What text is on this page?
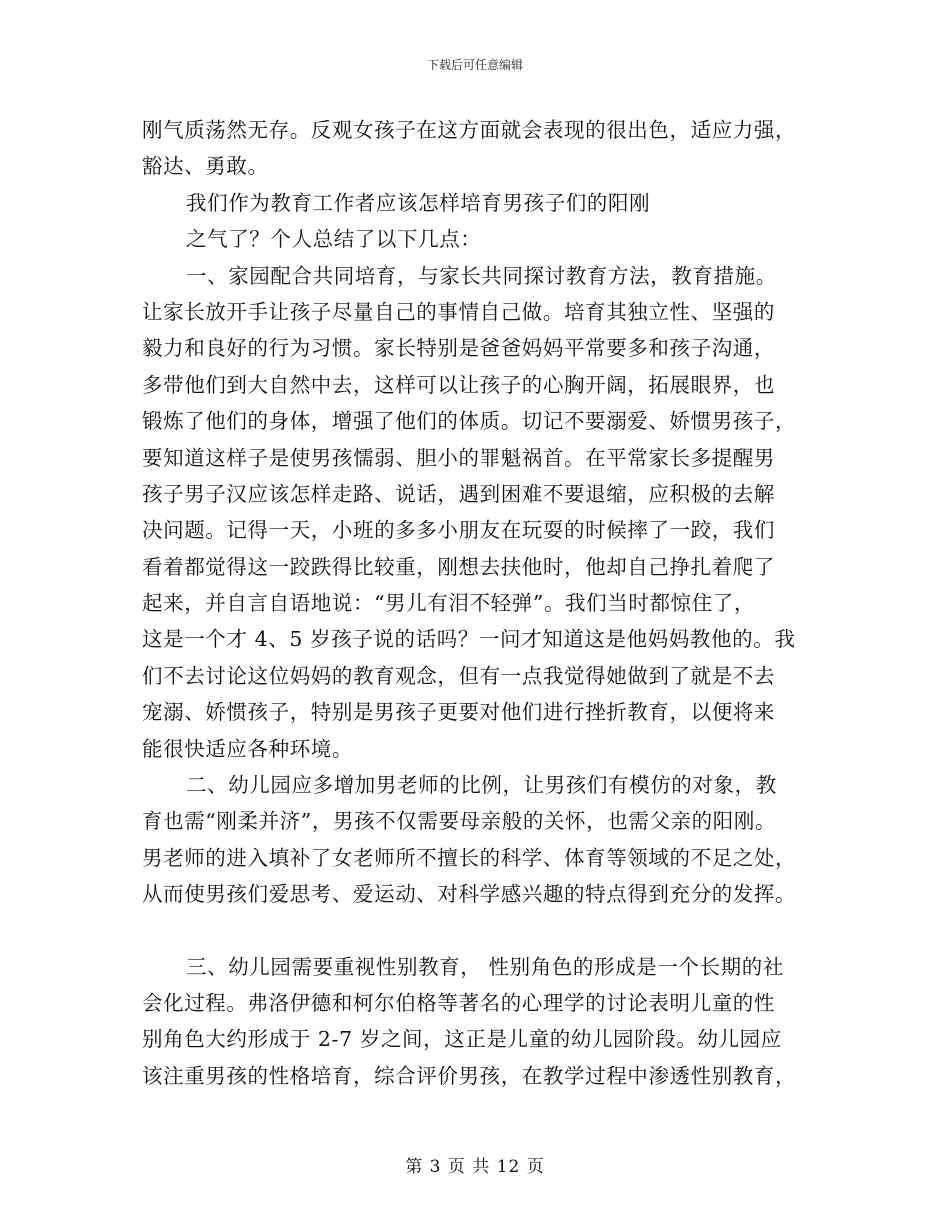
下载后可任意编辑
刚气质荡然无存。反观女孩子在这方面就会表现的很出色，适应力强，
豁达、勇敢。
我们作为教育工作者应该怎样培育男孩子们的阳刚
之气了？个人总结了以下几点：
一、家园配合共同培育，与家长共同探讨教育方法，教育措施。
让家长放开手让孩子尽量自己的事情自己做。培育其独立性、坚强的
毅力和良好的行为习惯。家长特别是爸爸妈妈平常要多和孩子沟通，
多带他们到大自然中去，这样可以让孩子的心胸开阔，拓展眼界，也
锻炼了他们的身体，增强了他们的体质。切记不要溺爱、娇惯男孩子，
要知道这样子是使男孩懦弱、胆小的罪魁祸首。在平常家长多提醒男
孩子男子汉应该怎样走路、说话，遇到困难不要退缩，应积极的去解
决问题。记得一天，小班的多多小朋友在玩耍的时候摔了一跤，我们
看着都觉得这一跤跌得比较重，刚想去扶他时，他却自己挣扎着爬了
起来，并自言自语地说：“男儿有泪不轻弹”。我们当时都惊住了，
这是一个才 4、5 岁孩子说的话吗？一问才知道这是他妈妈教他的。我
们不去讨论这位妈妈的教育观念，但有一点我觉得她做到了就是不去
宠溺、娇惯孩子，特别是男孩子更要对他们进行挫折教育，以便将来
能很快适应各种环境。
二、幼儿园应多增加男老师的比例，让男孩们有模仿的对象，教
育也需“刚柔并济”，男孩不仅需要母亲般的关怀，也需父亲的阳刚。
男老师的进入填补了女老师所不擅长的科学、体育等领域的不足之处，
从而使男孩们爱思考、爱运动、对科学感兴趣的特点得到充分的发挥。
三、幼儿园需要重视性别教育， 性别角色的形成是一个长期的社
会化过程。弗洛伊德和柯尔伯格等著名的心理学的讨论表明儿童的性
别角色大约形成于 2-7 岁之间，这正是儿童的幼儿园阶段。幼儿园应
该注重男孩的性格培育，综合评价男孩，在教学过程中渗透性别教育，
第 3 页 共 12 页
